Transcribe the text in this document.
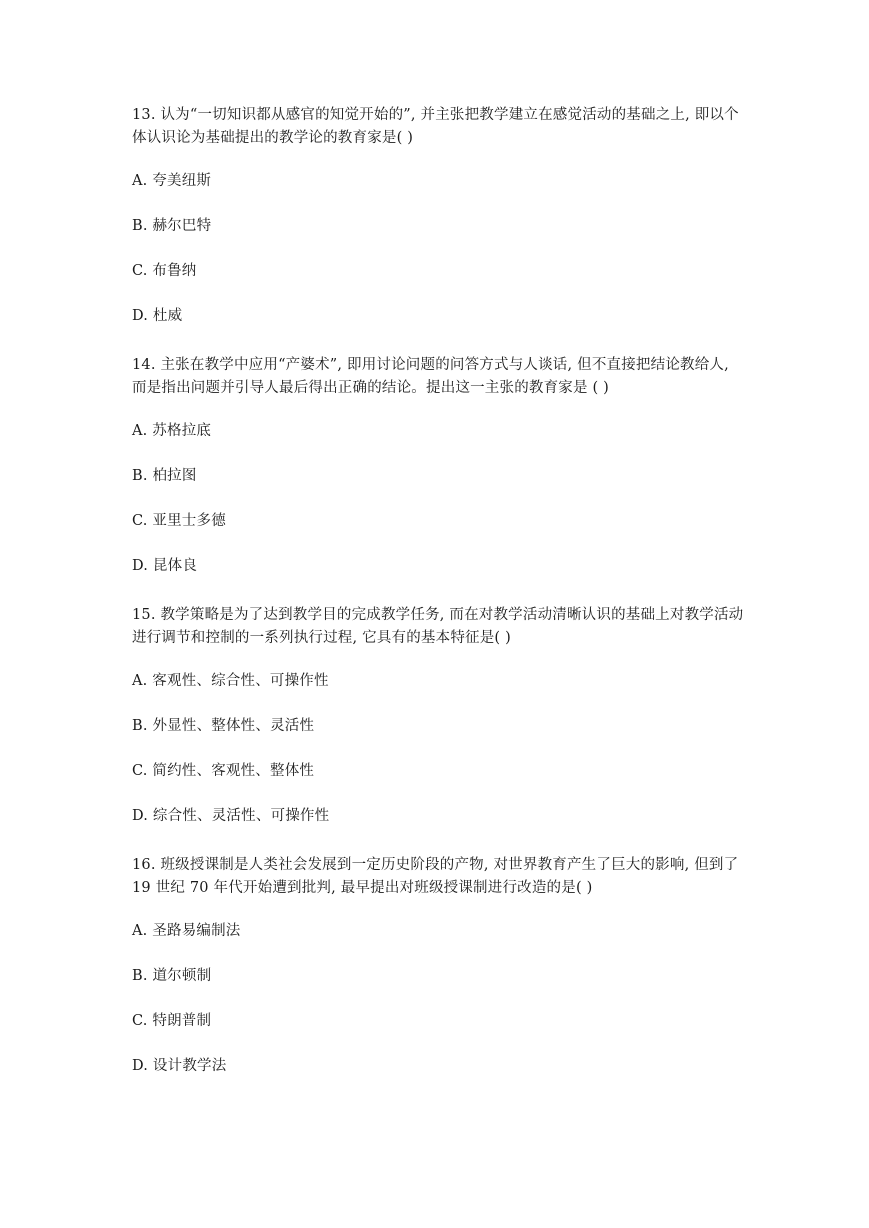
13. 认为“一切知识都从感官的知觉开始的”, 并主张把教学建立在感觉活动的基础之上, 即以个体认识论为基础提出的教学论的教育家是( )

A. 夸美纽斯

B. 赫尔巴特

C. 布鲁纳

D. 杜威

14. 主张在教学中应用“产婆术”, 即用讨论问题的问答方式与人谈话, 但不直接把结论教给人, 而是指出问题并引导人最后得出正确的结论。提出这一主张的教育家是 ( )

A. 苏格拉底

B. 柏拉图

C. 亚里士多德

D. 昆体良

15. 教学策略是为了达到教学目的完成教学任务, 而在对教学活动清晰认识的基础上对教学活动进行调节和控制的一系列执行过程, 它具有的基本特征是( )

A. 客观性、综合性、可操作性

B. 外显性、整体性、灵活性

C. 简约性、客观性、整体性

D. 综合性、灵活性、可操作性

16. 班级授课制是人类社会发展到一定历史阶段的产物, 对世界教育产生了巨大的影响, 但到了 19 世纪 70 年代开始遭到批判, 最早提出对班级授课制进行改造的是( )

A. 圣路易编制法

B. 道尔顿制

C. 特朗普制

D. 设计教学法
